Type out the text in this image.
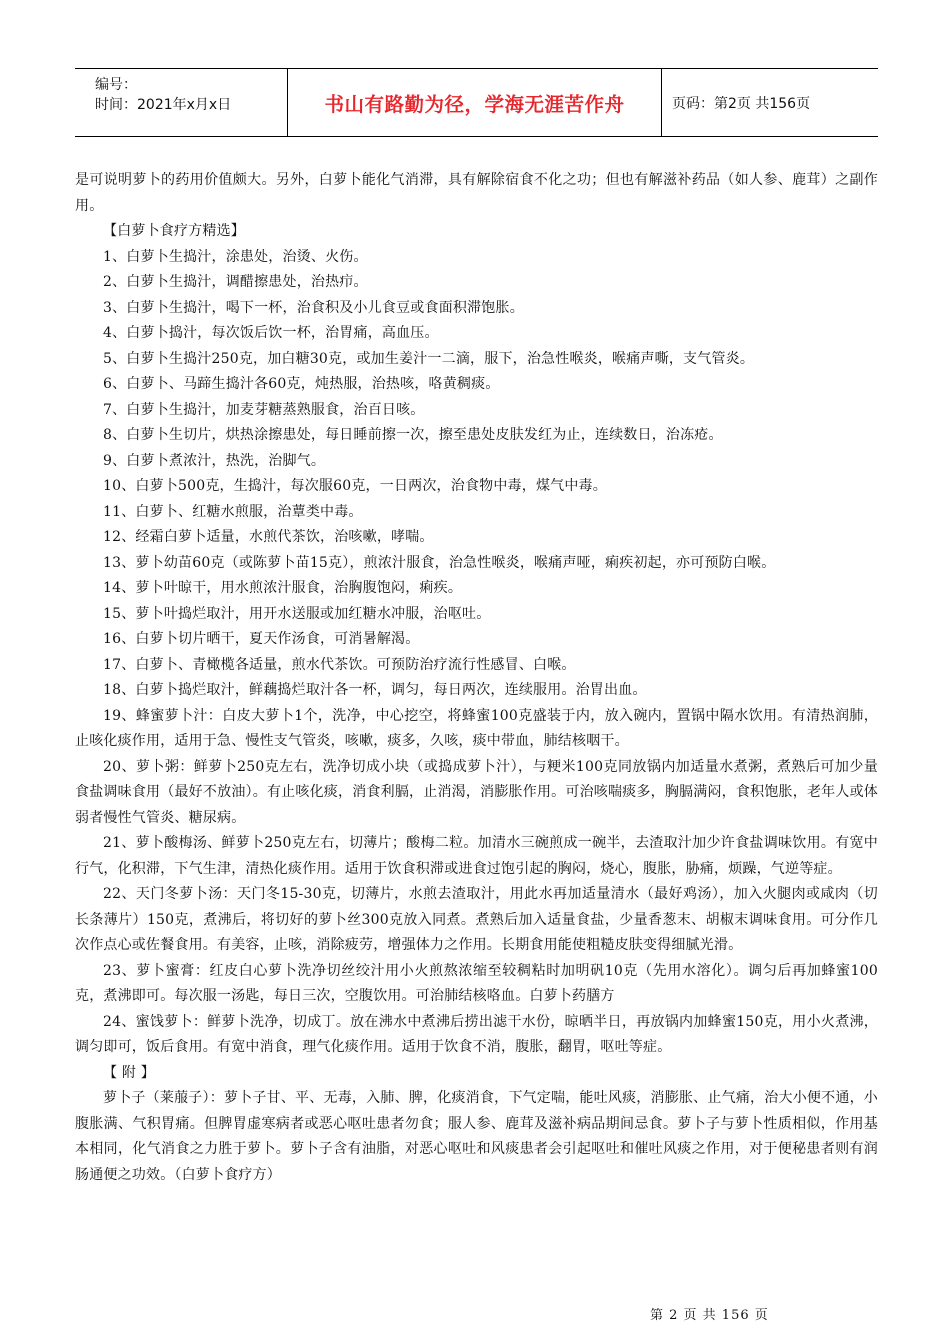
编号：
时间：2021年x月x日	书山有路勤为径，学海无涯苦作舟	页码：第2页 共156页

是可说明萝卜的药用价值颇大。另外，白萝卜能化气消滞，具有解除宿食不化之功；但也有解滋补药品（如人参、鹿茸）之副作用。

【白萝卜食疗方精选】

1、白萝卜生捣汁，涂患处，治烫、火伤。

2、白萝卜生捣汁，调醋擦患处，治热疖。

3、白萝卜生捣汁，喝下一杯，治食积及小儿食豆或食面积滞饱胀。

4、白萝卜捣汁，每次饭后饮一杯，治胃痛，高血压。

5、白萝卜生捣汁250克，加白糖30克，或加生姜汁一二滴，服下，治急性喉炎，喉痛声嘶，支气管炎。

6、白萝卜、马蹄生捣汁各60克，炖热服，治热咳，咯黄稠痰。

7、白萝卜生捣汁，加麦芽糖蒸熟服食，治百日咳。

8、白萝卜生切片，烘热涂擦患处，每日睡前擦一次，擦至患处皮肤发红为止，连续数日，治冻疮。

9、白萝卜煮浓汁，热洗，治脚气。

10、白萝卜500克，生捣汁，每次服60克，一日两次，治食物中毒，煤气中毒。

11、白萝卜、红糖水煎服，治蕈类中毒。

12、经霜白萝卜适量，水煎代茶饮，治咳嗽，哮喘。

13、萝卜幼苗60克（或陈萝卜苗15克），煎浓汁服食，治急性喉炎，喉痛声哑，痢疾初起，亦可预防白喉。

14、萝卜叶晾干，用水煎浓汁服食，治胸腹饱闷，痢疾。

15、萝卜叶捣烂取汁，用开水送服或加红糖水冲服，治呕吐。

16、白萝卜切片晒干，夏天作汤食，可消暑解渴。

17、白萝卜、青橄榄各适量，煎水代茶饮。可预防治疗流行性感冒、白喉。

18、白萝卜捣烂取汁，鲜藕捣烂取汁各一杯，调匀，每日两次，连续服用。治胃出血。

19、蜂蜜萝卜汁：白皮大萝卜1个，洗净，中心挖空，将蜂蜜100克盛装于内，放入碗内，置锅中隔水饮用。有清热润肺，止咳化痰作用，适用于急、慢性支气管炎，咳嗽，痰多，久咳，痰中带血，肺结核咽干。

20、萝卜粥：鲜萝卜250克左右，洗净切成小块（或捣成萝卜汁），与粳米100克同放锅内加适量水煮粥，煮熟后可加少量食盐调味食用（最好不放油）。有止咳化痰，消食利膈，止消渴，消膨胀作用。可治咳喘痰多，胸膈满闷，食积饱胀，老年人或体弱者慢性气管炎、糖尿病。

21、萝卜酸梅汤、鲜萝卜250克左右，切薄片；酸梅二粒。加清水三碗煎成一碗半，去渣取汁加少许食盐调味饮用。有宽中行气，化积滞，下气生津，清热化痰作用。适用于饮食积滞或进食过饱引起的胸闷，烧心，腹胀，胁痛，烦躁，气逆等症。

22、天门冬萝卜汤：天门冬15-30克，切薄片，水煎去渣取汁，用此水再加适量清水（最好鸡汤），加入火腿肉或咸肉（切长条薄片）150克，煮沸后，将切好的萝卜丝300克放入同煮。煮熟后加入适量食盐，少量香葱末、胡椒末调味食用。可分作几次作点心或佐餐食用。有美容，止咳，消除疲劳，增强体力之作用。长期食用能使粗糙皮肤变得细腻光滑。

23、萝卜蜜膏：红皮白心萝卜洗净切丝绞汁用小火煎熬浓缩至较稠粘时加明矾10克（先用水溶化）。调匀后再加蜂蜜100克，煮沸即可。每次服一汤匙，每日三次，空腹饮用。可治肺结核咯血。白萝卜药膳方

24、蜜饯萝卜：鲜萝卜洗净，切成丁。放在沸水中煮沸后捞出滤干水份，晾晒半日，再放锅内加蜂蜜150克，用小火煮沸，调匀即可，饭后食用。有宽中消食，理气化痰作用。适用于饮食不消，腹胀，翻胃，呕吐等症。

【 附 】

萝卜子（莱菔子）：萝卜子甘、平、无毒，入肺、脾，化痰消食，下气定喘，能吐风痰，消膨胀、止气痛，治大小便不通，小腹胀满、气积胃痛。但脾胃虚寒病者或恶心呕吐患者勿食；服人参、鹿茸及滋补病品期间忌食。萝卜子与萝卜性质相似，作用基本相同，化气消食之力胜于萝卜。萝卜子含有油脂，对恶心呕吐和风痰患者会引起呕吐和催吐风痰之作用，对于便秘患者则有润肠通便之功效。（白萝卜食疗方）

第 2 页 共 156 页
